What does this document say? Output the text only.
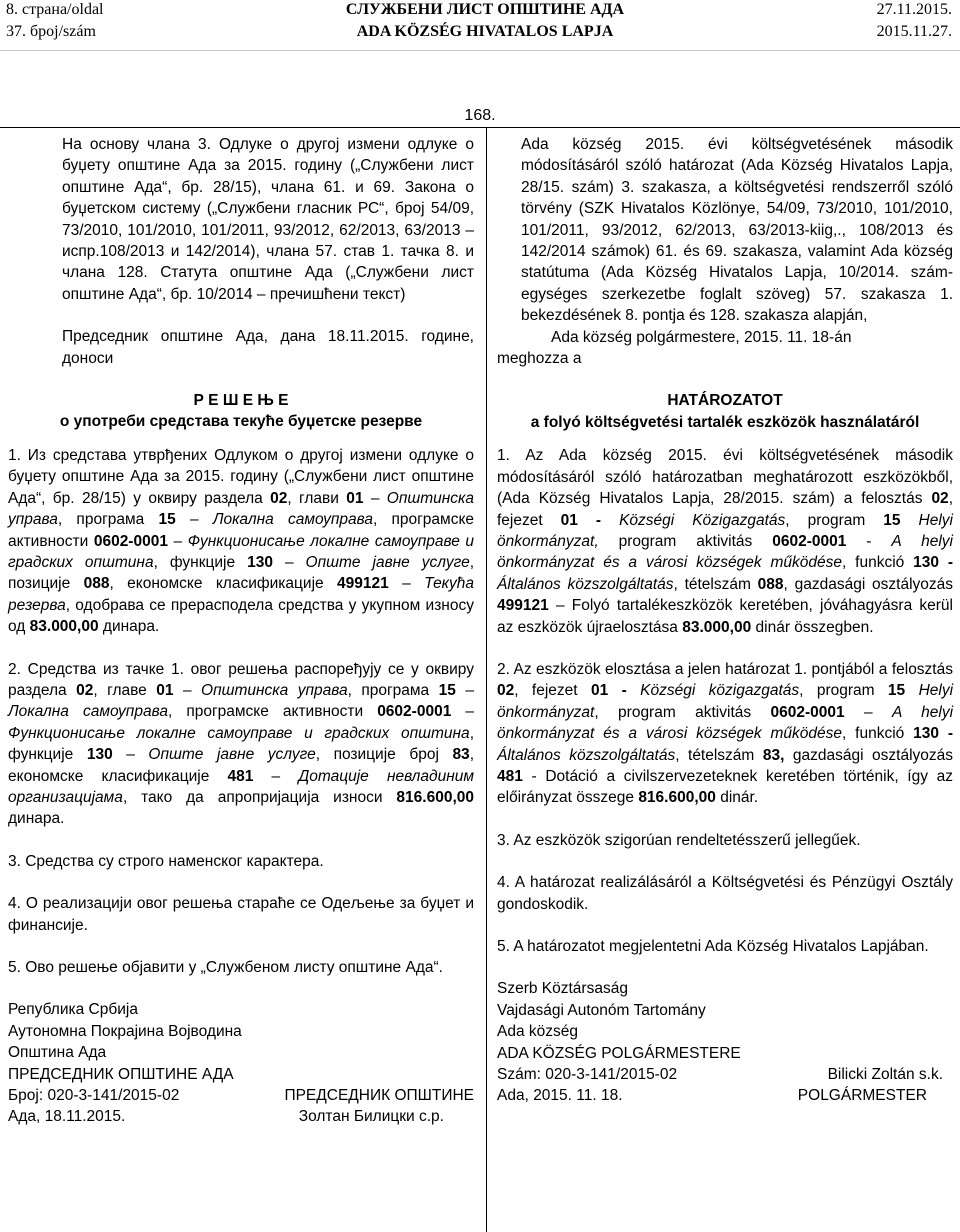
8. страна/oldal
37. број/szám
СЛУЖБЕНИ ЛИСТ ОПШТИНЕ АДА
ADA KÖZSÉG HIVATALOS LAPJA
27.11.2015.
2015.11.27.
168.

На основу члана 3. Одлуке о другој измени одлуке о буџету општине Ада за 2015. годину („Службени лист општине Ада“, бр. 28/15), члана 61. и 69. Закона о буџетском систему („Службени гласник РС“, број 54/09, 73/2010, 101/2010, 101/2011, 93/2012, 62/2013, 63/2013 – испр.108/2013 и 142/2014), члана 57. став 1. тачка 8. и члана 128. Статута општине Ада („Службени лист општине Ада“, бр. 10/2014 – пречишћени текст)

Председник општине Ада, дана 18.11.2015. године, доноси

Р Е Ш Е Њ Е

о употреби средстава текуће буџетске резерве

1. Из средстава утврђених Одлуком о другој измени одлуке о буџету општине Ада за 2015. годину („Службени лист општине Ада“, бр. 28/15) у оквиру раздела 02, глави 01 – Општинска управа, програма 15 – Локална самоуправа, програмске активности 0602-0001 – Функционисање локалне самоуправе и градских општина, функције 130 – Опште јавне услуге, позиције 088, економске класификације 499121 – Текућа резерва, одобрава се прерасподела средства у укупном износу од 83.000,00 динара.

2. Средства из тачке 1. овог решења распоређују се у оквиру раздела 02, главе 01 – Општинска управа, програма 15 – Локална самоуправа, програмске активности 0602-0001 – Функционисање локалне самоуправе и градских општина, функције 130 – Опште јавне услуге, позиције број 83, економске класификације 481 – Дотације невладиним организацијама, тако да апропријација износи 816.600,00 динара.

3. Средства су строго наменског карактера.

4. О реализацији овог решења стараће се Одељење за буџет и финансије.

5. Ово решење објавити у „Службеном листу општине Ада“.

Република Србија
Аутономна Покрајина Војводина
Општина Ада
ПРЕДСЕДНИК ОПШТИНЕ АДА
Број: 020-3-141/2015-02	ПРЕДСЕДНИК ОПШТИНЕ
Ада, 18.11.2015.	Золтан Билицки с.р.

Ada község 2015. évi költségvetésének második módosításáról szóló határozat (Ada Község Hivatalos Lapja, 28/15. szám) 3. szakasza, a költségvetési rendszerről szóló törvény (SZK Hivatalos Közlönye, 54/09, 73/2010, 101/2010, 101/2011, 93/2012, 62/2013, 63/2013-kiig,., 108/2013 és 142/2014 számok) 61. és 69. szakasza, valamint Ada község statútuma (Ada Község Hivatalos Lapja, 10/2014. szám-egységes szerkezetbe foglalt szöveg) 57. szakasza 1. bekezdésének 8. pontja és 128. szakasza alapján,

Ada község polgármestere, 2015. 11. 18-án

meghozza a

HATÁROZATOT

a folyó költségvetési tartalék eszközök használatáról

1. Az Ada község 2015. évi költségvetésének második módosításáról szóló határozatban meghatározott eszközökből, (Ada Község Hivatalos Lapja, 28/2015. szám) a felosztás 02, fejezet 01 - Községi Közigazgatás, program 15 Helyi önkormányzat, program aktivitás 0602-0001 - A helyi önkormányzat és a városi községek működése, funkció 130 - Általános közszolgáltatás, tételszám 088, gazdasági osztályozás 499121 – Folyó tartalékeszközök keretében, jóváhagyásra kerül az eszközök újraelosztása 83.000,00 dinár összegben.

2. Az eszközök elosztása a jelen határozat 1. pontjából a felosztás 02, fejezet 01 - Községi közigazgatás, program 15 Helyi önkormányzat, program aktivitás 0602-0001 – A helyi önkormányzat és a városi községek működése, funkció 130 - Általános közszolgáltatás, tételszám 83, gazdasági osztályozás 481 - Dotáció a civilszervezeteknek keretében történik, így az előirányzat összege 816.600,00 dinár.

3. Az eszközök szigorúan rendeltetésszerű jellegűek.

4. A határozat realizálásáról a Költségvetési és Pénzügyi Osztály gondoskodik.

5. A határozatot megjelentetni Ada Község Hivatalos Lapjában.

Szerb Köztársaság
Vajdasági Autonóm Tartomány
Ada község
ADA KÖZSÉG POLGÁRMESTERE
Szám: 020-3-141/2015-02	Bilicki Zoltán s.k.
Ada, 2015. 11. 18.	POLGÁRMESTER
